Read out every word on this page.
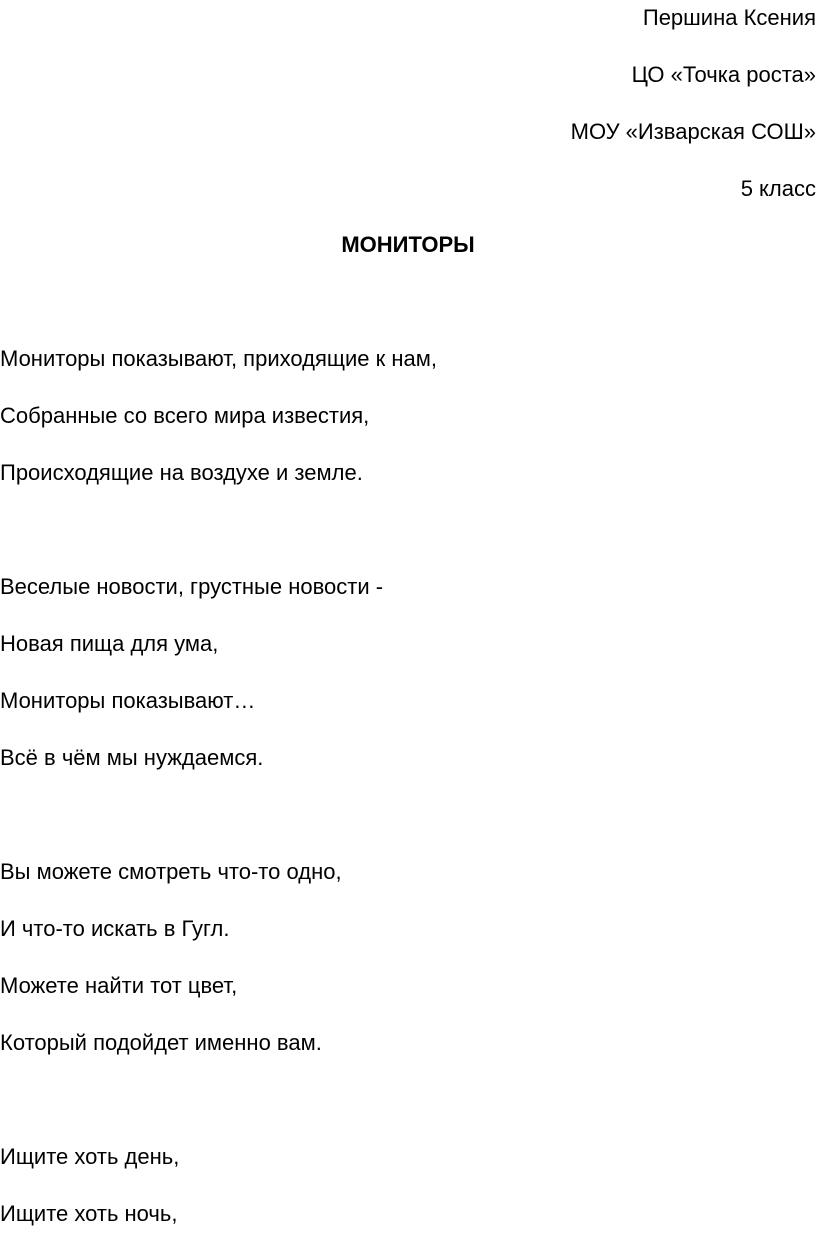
Першина Ксения
ЦО «Точка роста»
МОУ «Изварская СОШ»
5 класс
МОНИТОРЫ
Мониторы показывают, приходящие к нам,
Собранные со всего мира известия,
Происходящие на воздухе и земле.
Веселые новости, грустные новости -
Новая пища для ума,
Мониторы показывают…
Всё в чём мы нуждаемся.
Вы можете смотреть что-то одно,
И что-то искать в Гугл.
Можете найти тот цвет,
Который подойдет именно вам.
Ищите хоть день,
Ищите хоть ночь,
